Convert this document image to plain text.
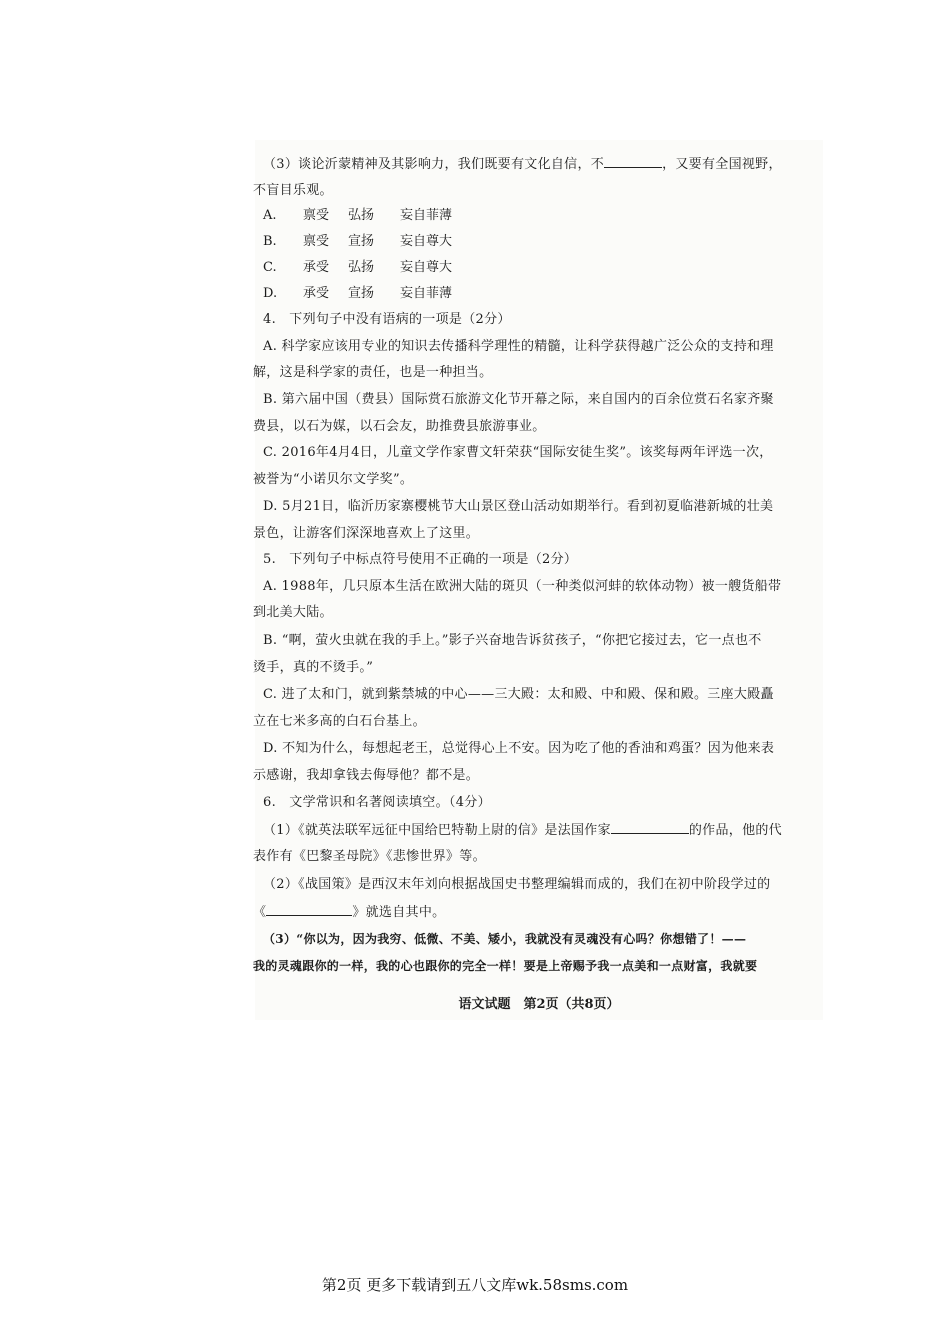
（3）谈论沂蒙精神及其影响力，我们既要有文化自信，不	，又要有全国视野，
不盲目乐观。
A. 禀受 弘扬 妄自菲薄
B. 禀受 宣扬 妄自尊大
C. 承受 弘扬 妄自尊大
D. 承受 宣扬 妄自菲薄
4.　下列句子中没有语病的一项是（2分）
A. 科学家应该用专业的知识去传播科学理性的精髓，让科学获得越广泛公众的支持和理
解，这是科学家的责任，也是一种担当。
B. 第六届中国（费县）国际赏石旅游文化节开幕之际，来自国内的百余位赏石名家齐聚
费县，以石为媒，以石会友，助推费县旅游事业。
C. 2016年4月4日，儿童文学作家曹文轩荣获“国际安徒生奖”。该奖每两年评选一次，
被誉为“小诺贝尔文学奖”。
D. 5月21日，临沂历家寨樱桃节大山景区登山活动如期举行。看到初夏临港新城的壮美
景色，让游客们深深地喜欢上了这里。
5.　下列句子中标点符号使用不正确的一项是（2分）
A. 1988年，几只原本生活在欧洲大陆的斑贝（一种类似河蚌的软体动物）被一艘货船带
到北美大陆。
B. “啊，萤火虫就在我的手上。”影子兴奋地告诉贫孩子，“你把它接过去，它一点也不
烫手，真的不烫手。”
C. 进了太和门，就到紫禁城的中心——三大殿：太和殿、中和殿、保和殿。三座大殿矗
立在七米多高的白石台基上。
D. 不知为什么，每想起老王，总觉得心上不安。因为吃了他的香油和鸡蛋？因为他来表
示感谢，我却拿钱去侮辱他？都不是。
6.　文学常识和名著阅读填空。（4分）
（1）《就英法联军远征中国给巴特勒上尉的信》是法国作家	的作品，他的代
表作有《巴黎圣母院》《悲惨世界》等。
（2）《战国策》是西汉末年刘向根据战国史书整理编辑而成的，我们在初中阶段学过的
《	》就选自其中。
（3）“你以为，因为我穷、低微、不美、矮小，我就没有灵魂没有心吗？你想错了！——
我的灵魂跟你的一样，我的心也跟你的完全一样！要是上帝赐予我一点美和一点财富，我就要
语文试题　第2页（共8页）
第2页 更多下载请到五八文库wk.58sms.com
